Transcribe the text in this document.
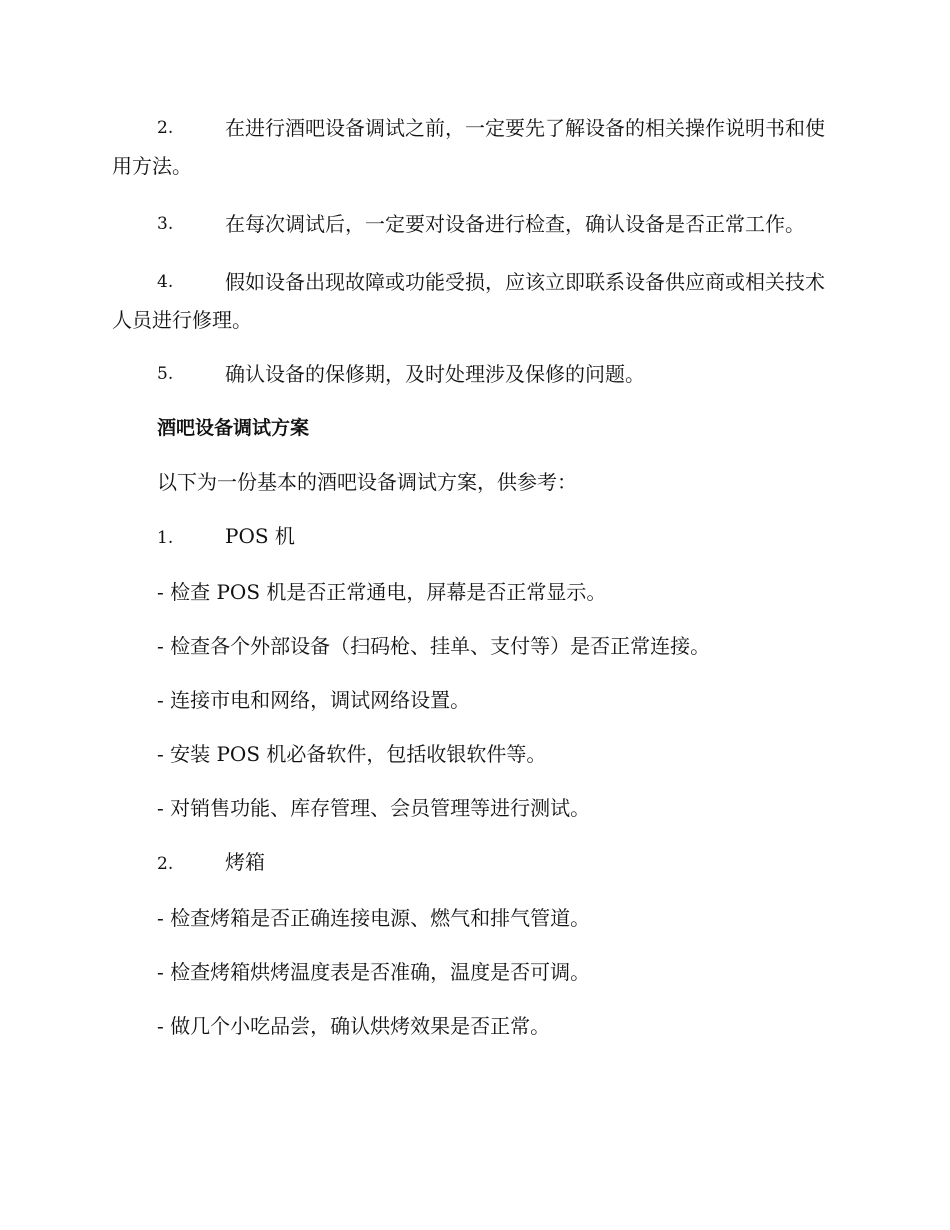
2.	在进行酒吧设备调试之前，一定要先了解设备的相关操作说明书和使用方法。
3.	在每次调试后，一定要对设备进行检查，确认设备是否正常工作。
4.	假如设备出现故障或功能受损，应该立即联系设备供应商或相关技术人员进行修理。
5.	确认设备的保修期，及时处理涉及保修的问题。
酒吧设备调试方案
以下为一份基本的酒吧设备调试方案，供参考：
1.	POS 机
- 检查 POS 机是否正常通电，屏幕是否正常显示。
- 检查各个外部设备（扫码枪、挂单、支付等）是否正常连接。
- 连接市电和网络，调试网络设置。
- 安装 POS 机必备软件，包括收银软件等。
- 对销售功能、库存管理、会员管理等进行测试。
2.	烤箱
- 检查烤箱是否正确连接电源、燃气和排气管道。
- 检查烤箱烘烤温度表是否准确，温度是否可调。
- 做几个小吃品尝，确认烘烤效果是否正常。
